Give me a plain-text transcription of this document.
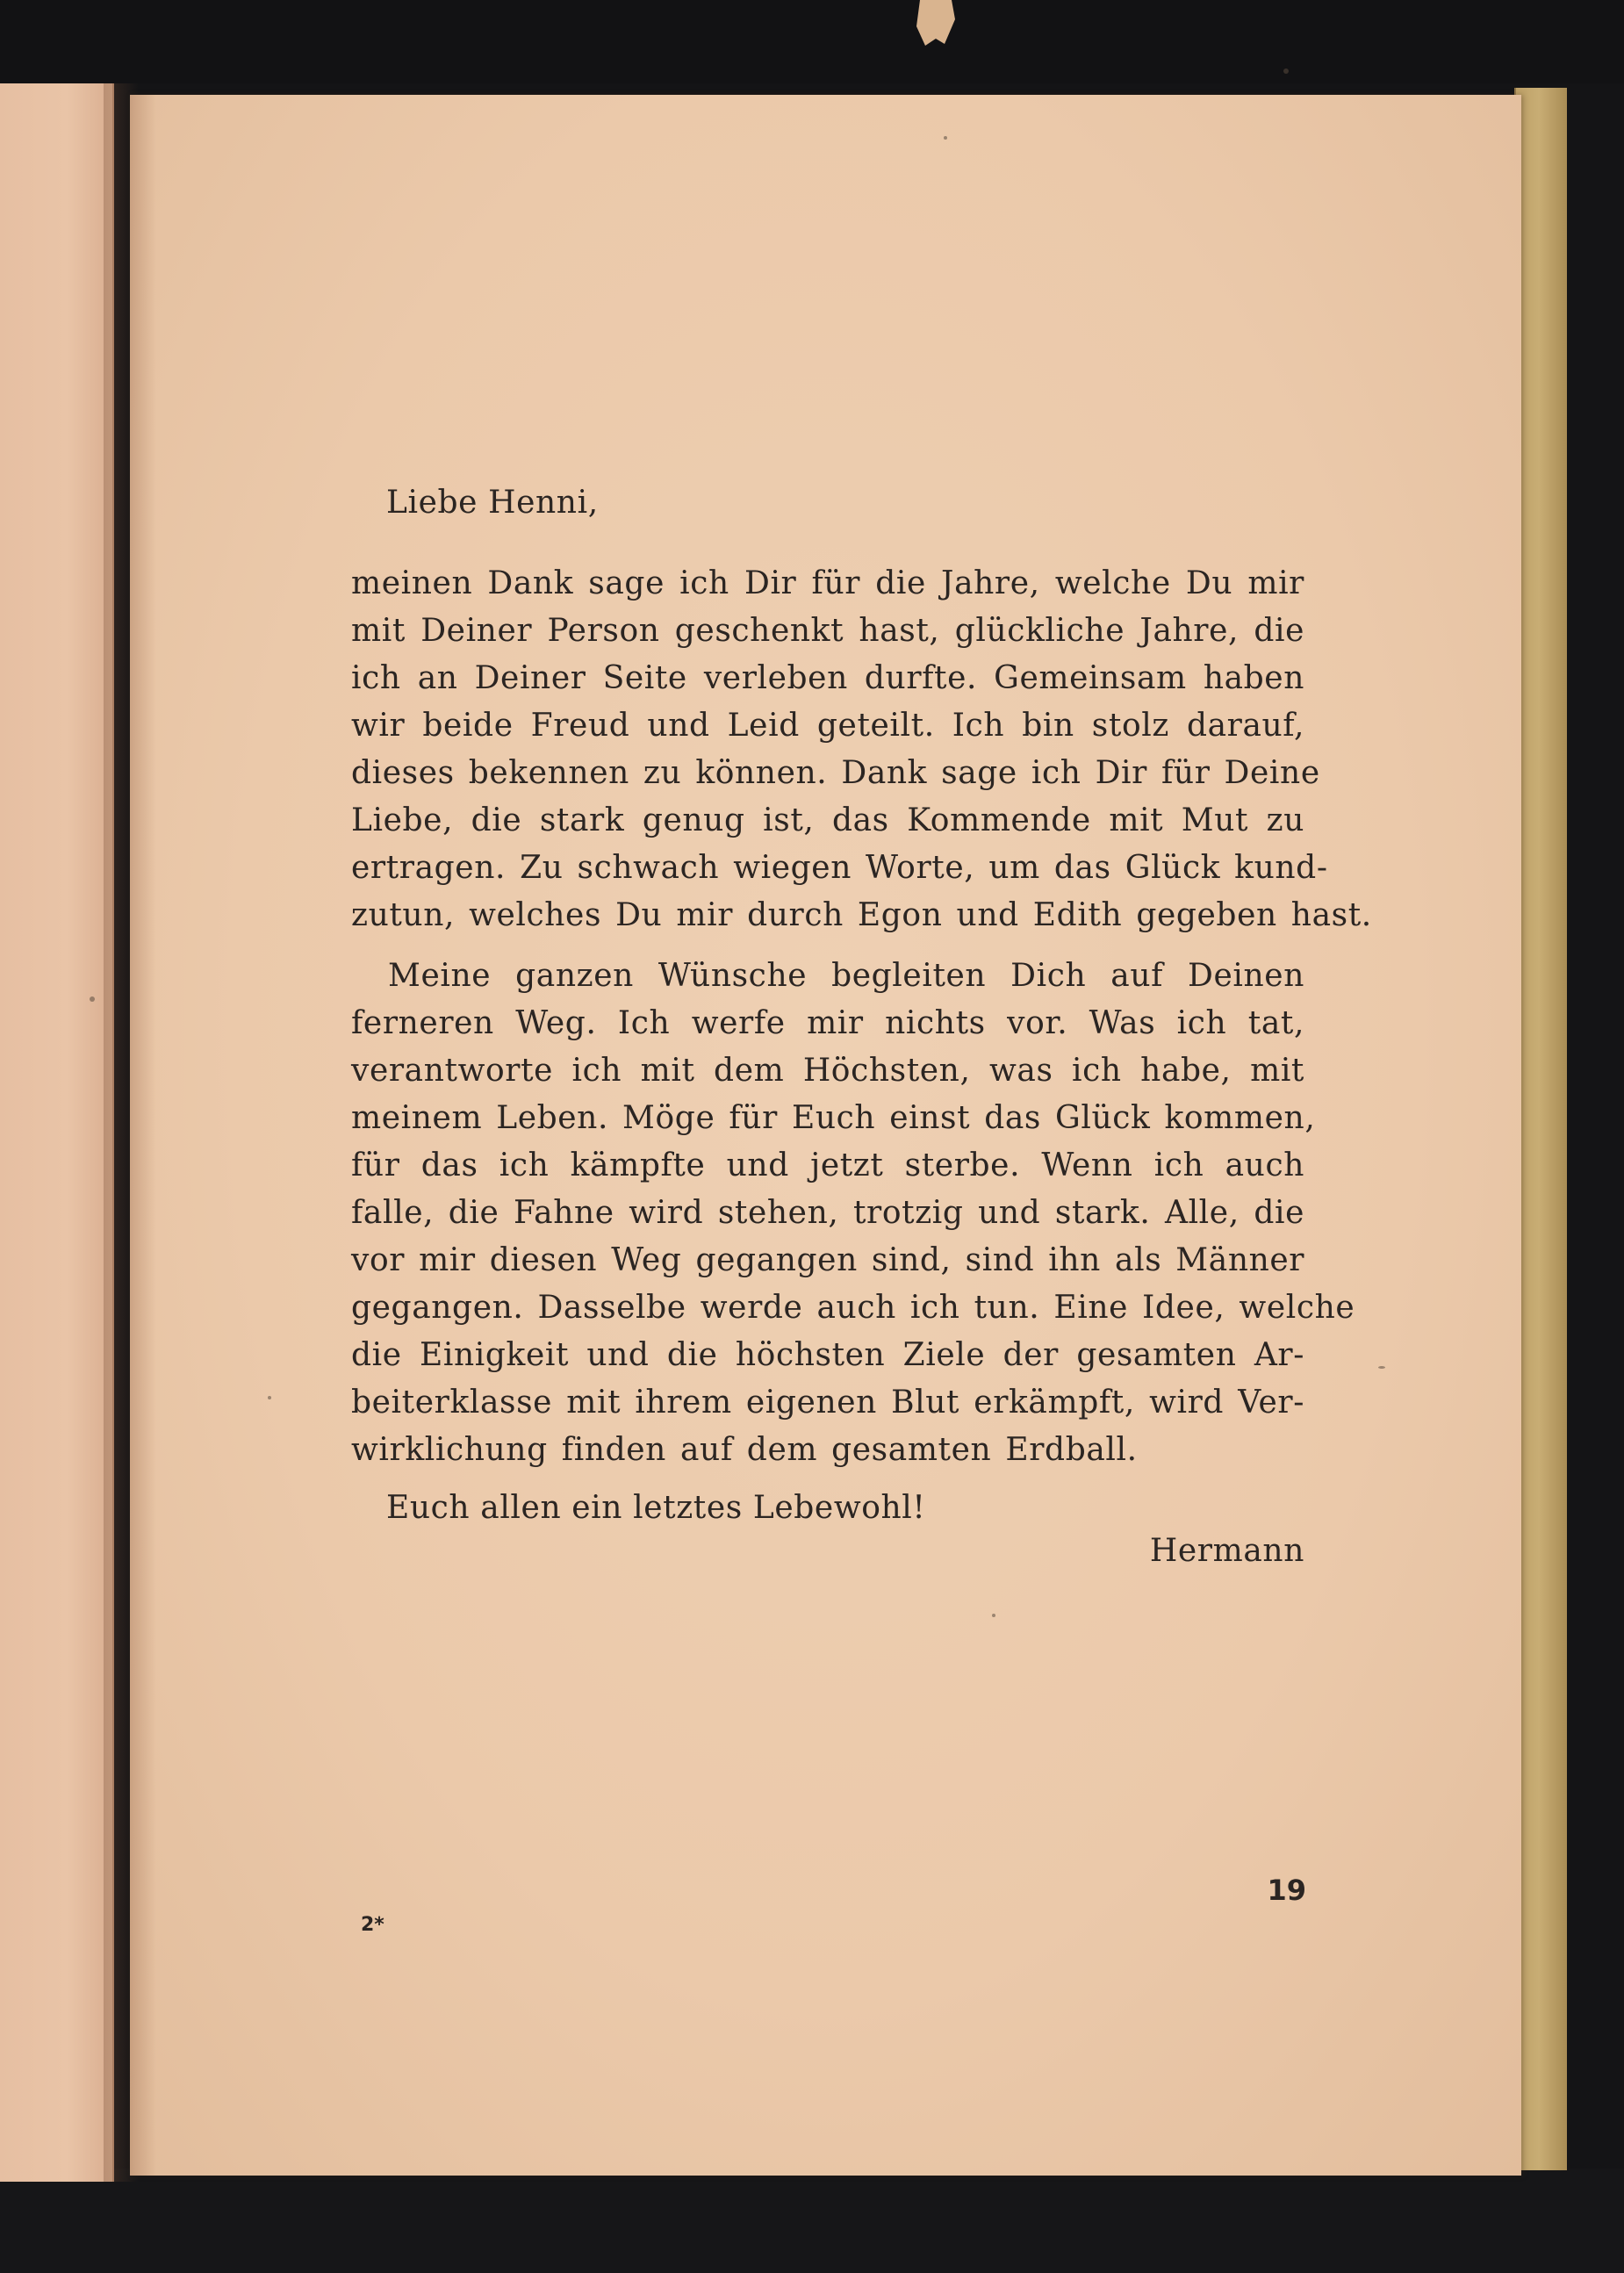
Liebe Henni,

meinen Dank sage ich Dir für die Jahre, welche Du mir
mit Deiner Person geschenkt hast, glückliche Jahre, die
ich an Deiner Seite verleben durfte. Gemeinsam haben
wir beide Freud und Leid geteilt. Ich bin stolz darauf,
dieses bekennen zu können. Dank sage ich Dir für Deine
Liebe, die stark genug ist, das Kommende mit Mut zu
ertragen. Zu schwach wiegen Worte, um das Glück kund-
zutun, welches Du mir durch Egon und Edith gegeben hast.

Meine ganzen Wünsche begleiten Dich auf Deinen
ferneren Weg. Ich werfe mir nichts vor. Was ich tat,
verantworte ich mit dem Höchsten, was ich habe, mit
meinem Leben. Möge für Euch einst das Glück kommen,
für das ich kämpfte und jetzt sterbe. Wenn ich auch
falle, die Fahne wird stehen, trotzig und stark. Alle, die
vor mir diesen Weg gegangen sind, sind ihn als Männer
gegangen. Dasselbe werde auch ich tun. Eine Idee, welche
die Einigkeit und die höchsten Ziele der gesamten Ar-
beiterklasse mit ihrem eigenen Blut erkämpft, wird Ver-
wirklichung finden auf dem gesamten Erdball.

Euch allen ein letztes Lebewohl!
Hermann
19
2*
